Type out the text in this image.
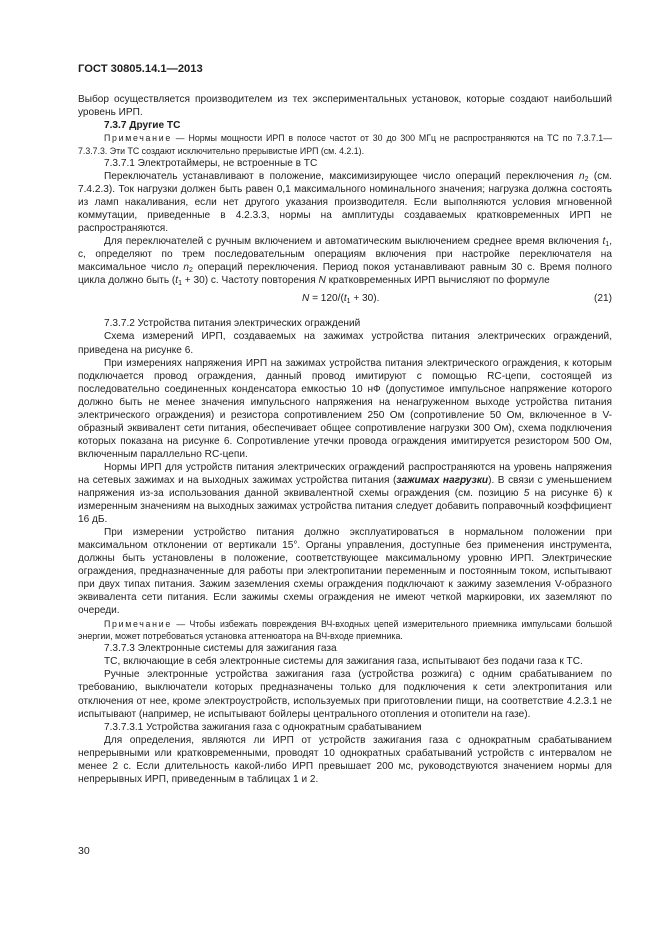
ГОСТ 30805.14.1—2013

Выбор осуществляется производителем из тех экспериментальных установок, которые создают наибольший уровень ИРП.

7.3.7 Другие ТС

Примечание — Нормы мощности ИРП в полосе частот от 30 до 300 МГц не распространяются на ТС по 7.3.7.1—7.3.7.3. Эти ТС создают исключительно прерывистые ИРП (см. 4.2.1).

7.3.7.1 Электротаймеры, не встроенные в ТС

Переключатель устанавливают в положение, максимизирующее число операций переключения $n_2$ (см. 7.4.2.3). Ток нагрузки должен быть равен 0,1 максимального номинального значения; нагрузка должна состоять из ламп накаливания, если нет другого указания производителя. Если выполняются условия мгновенной коммутации, приведенные в 4.2.3.3, нормы на амплитуды создаваемых кратковременных ИРП не распространяются.

Для переключателей с ручным включением и автоматическим выключением среднее время включения $t_1$, с, определяют по трем последовательным операциям включения при настройке переключателя на максимальное число $n_2$ операций переключения. Период покоя устанавливают равным 30 с. Время полного цикла должно быть $(t_1 + 30)$ с. Частоту повторения N кратковременных ИРП вычисляют по формуле

$N = 120/(t_1 + 30)$.	(21)

7.3.7.2 Устройства питания электрических ограждений

Схема измерений ИРП, создаваемых на зажимах устройства питания электрических ограждений, приведена на рисунке 6.

При измерениях напряжения ИРП на зажимах устройства питания электрического ограждения, к которым подключается провод ограждения, данный провод имитируют с помощью RC-цепи, состоящей из последовательно соединенных конденсатора емкостью 10 нФ (допустимое импульсное напряжение которого должно быть не менее значения импульсного напряжения на ненагруженном выходе устройства питания электрического ограждения) и резистора сопротивлением 250 Ом (сопротивление 50 Ом, включенное в V-образный эквивалент сети питания, обеспечивает общее сопротивление нагрузки 300 Ом), схема подключения которых показана на рисунке 6. Сопротивление утечки провода ограждения имитируется резистором 500 Ом, включенным параллельно RC-цепи.

Нормы ИРП для устройств питания электрических ограждений распространяются на уровень напряжения на сетевых зажимах и на выходных зажимах устройства питания (зажимах нагрузки). В связи с уменьшением напряжения из-за использования данной эквивалентной схемы ограждения (см. позицию 5 на рисунке 6) к измеренным значениям на выходных зажимах устройства питания следует добавить поправочный коэффициент 16 дБ.

При измерении устройство питания должно эксплуатироваться в нормальном положении при максимальном отклонении от вертикали 15°. Органы управления, доступные без применения инструмента, должны быть установлены в положение, соответствующее максимальному уровню ИРП. Электрические ограждения, предназначенные для работы при электропитании переменным и постоянным током, испытывают при двух типах питания. Зажим заземления схемы ограждения подключают к зажиму заземления V-образного эквивалента сети питания. Если зажимы схемы ограждения не имеют четкой маркировки, их заземляют по очереди.

Примечание — Чтобы избежать повреждения ВЧ-входных цепей измерительного приемника импульсами большой энергии, может потребоваться установка аттенюатора на ВЧ-входе приемника.

7.3.7.3 Электронные системы для зажигания газа

ТС, включающие в себя электронные системы для зажигания газа, испытывают без подачи газа к ТС.

Ручные электронные устройства зажигания газа (устройства розжига) с одним срабатыванием по требованию, выключатели которых предназначены только для подключения к сети электропитания или отключения от нее, кроме электроустройств, используемых при приготовлении пищи, на соответствие 4.2.3.1 не испытывают (например, не испытывают бойлеры центрального отопления и отопители на газе).

7.3.7.3.1 Устройства зажигания газа с однократным срабатыванием

Для определения, являются ли ИРП от устройств зажигания газа с однократным срабатыванием непрерывными или кратковременными, проводят 10 однократных срабатываний устройств с интервалом не менее 2 с. Если длительность какой-либо ИРП превышает 200 мс, руководствуются значением нормы для непрерывных ИРП, приведенным в таблицах 1 и 2.

30
